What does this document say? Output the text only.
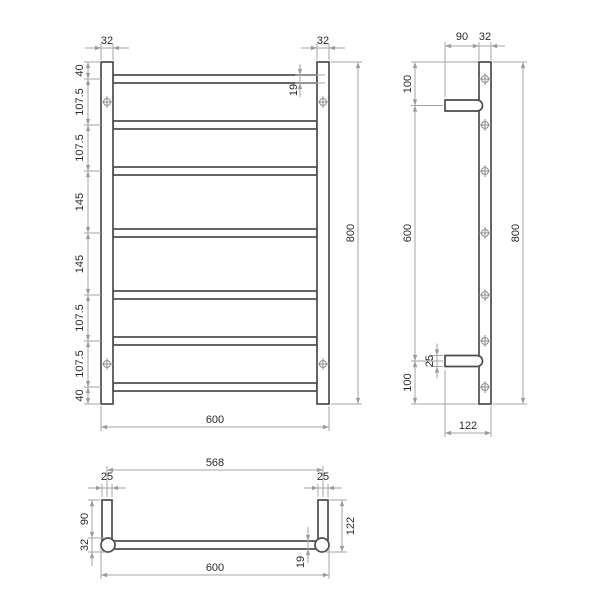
32	32
40
107.5
107.5
145
145
107.5
107.5
40
19
800
600
90 32
100
600
100
25
800
122
568
25	25
90
32
122
600	19
